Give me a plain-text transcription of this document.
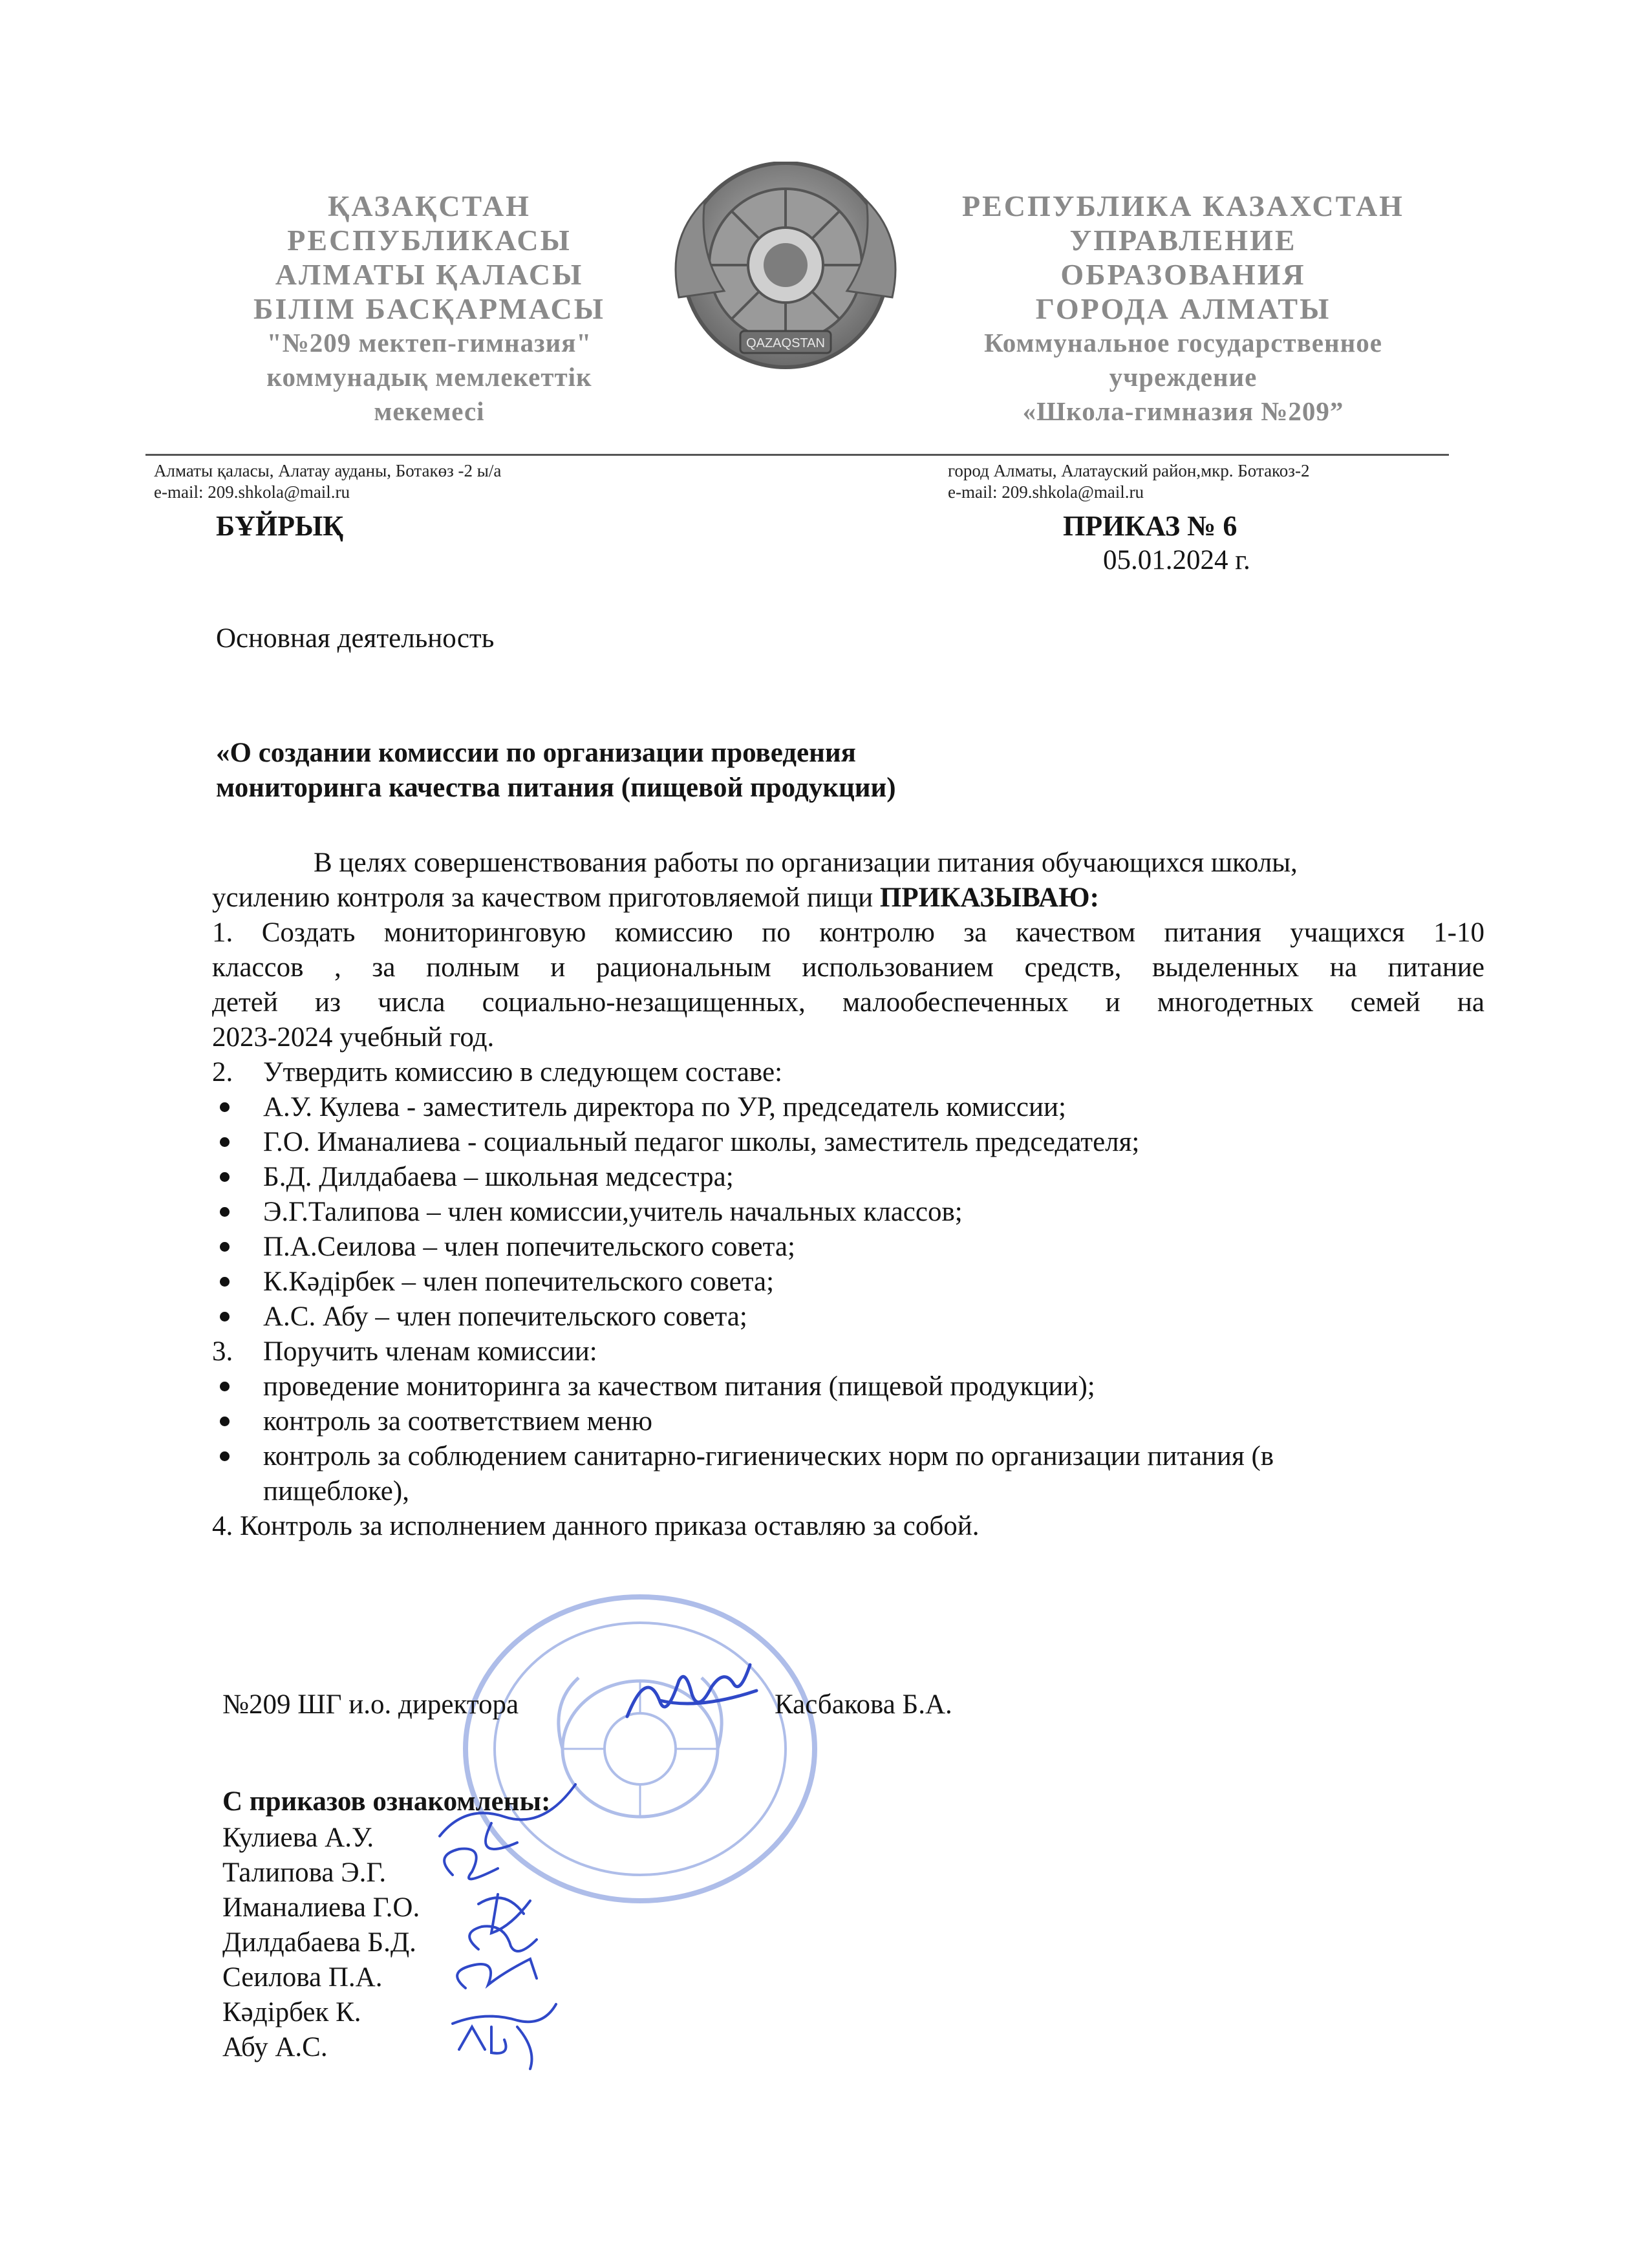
ҚАЗАҚСТАН
РЕСПУБЛИКАСЫ
АЛМАТЫ ҚАЛАСЫ
БІЛІМ БАСҚАРМАСЫ
"№209 мектеп-гимназия"
коммунадық мемлекеттік
мекемесі
QAZAQSTAN
РЕСПУБЛИКА КАЗАХСТАН
УПРАВЛЕНИЕ
ОБРАЗОВАНИЯ
ГОРОДА АЛМАТЫ
Коммунальное государственное
учреждение
«Школа-гимназия №209”
Алматы қаласы, Алатау ауданы, Ботакөз -2 ы/а
e-mail: 209.shkola@mail.ru
город Алматы, Алатауский район,мкр. Ботакоз-2
e-mail: 209.shkola@mail.ru
БҰЙРЫҚ	ПРИКАЗ № 6
05.01.2024 г.
Основная деятельность
«О создании комиссии по организации проведения
мониторинга качества питания (пищевой продукции)
В целях совершенствования работы по организации питания обучающихся школы,
усилению контроля за качеством приготовляемой пищи ПРИКАЗЫВАЮ:
1. Создать мониторинговую комиссию по контролю за качеством питания учащихся 1-10
классов , за полным и рациональным использованием средств, выделенных на питание
детей из числа социально-незащищенных, малообеспеченных и многодетных семей на
2023-2024 учебный год.
2. Утвердить комиссию в следующем составе:
А.У. Кулева - заместитель директора по УР, председатель комиссии;
Г.О. Иманалиева - социальный педагог школы, заместитель председателя;
Б.Д. Дилдабаева – школьная медсестра;
Э.Г.Талипова – член комиссии,учитель начальных классов;
П.А.Сеилова – член попечительского совета;
К.Кәдірбек – член попечительского совета;
А.С. Абу – член попечительского совета;
3. Поручить членам комиссии:
проведение мониторинга за качеством питания (пищевой продукции);
контроль за соответствием меню
контроль за соблюдением санитарно-гигиенических норм по организации питания (в
пищеблоке),
4. Контроль за исполнением данного приказа оставляю за собой.
№209 ШГ и.о. директора	Касбакова Б.А.
С приказов ознакомлены:
Кулиева А.У.
Талипова Э.Г.
Иманалиева Г.О.
Дилдабаева Б.Д.
Сеилова П.А.
Кәдірбек К.
Абу А.С.
